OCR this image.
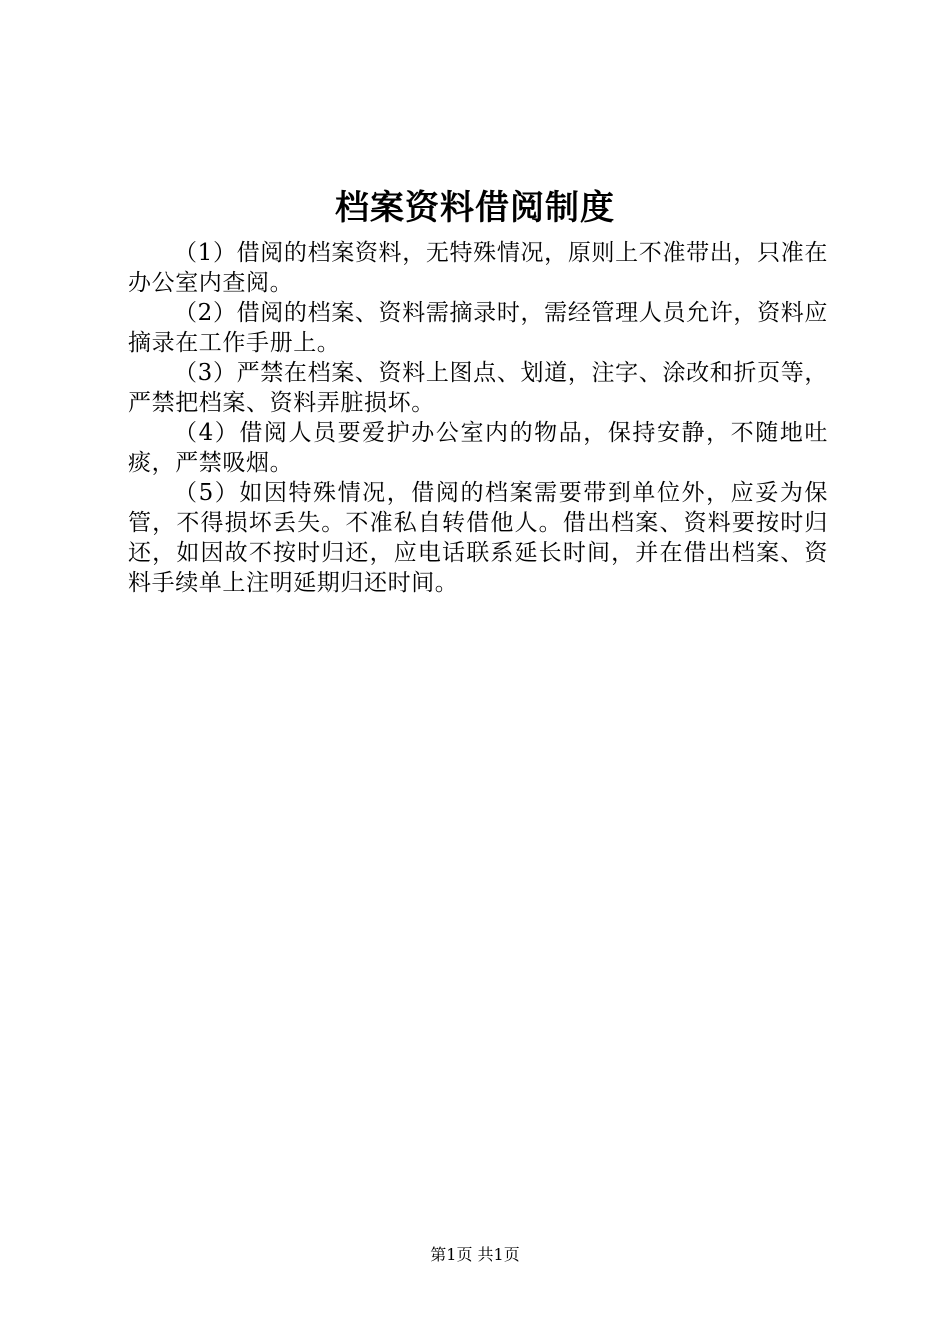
档案资料借阅制度

（1）借阅的档案资料，无特殊情况，原则上不准带出，只准在办公室内查阅。

（2）借阅的档案、资料需摘录时，需经管理人员允许，资料应摘录在工作手册上。

（3）严禁在档案、资料上图点、划道，注字、涂改和折页等，严禁把档案、资料弄脏损坏。

（4）借阅人员要爱护办公室内的物品，保持安静，不随地吐痰，严禁吸烟。

（5）如因特殊情况，借阅的档案需要带到单位外，应妥为保管，不得损坏丢失。不准私自转借他人。借出档案、资料要按时归还，如因故不按时归还，应电话联系延长时间，并在借出档案、资料手续单上注明延期归还时间。

第1页 共1页
